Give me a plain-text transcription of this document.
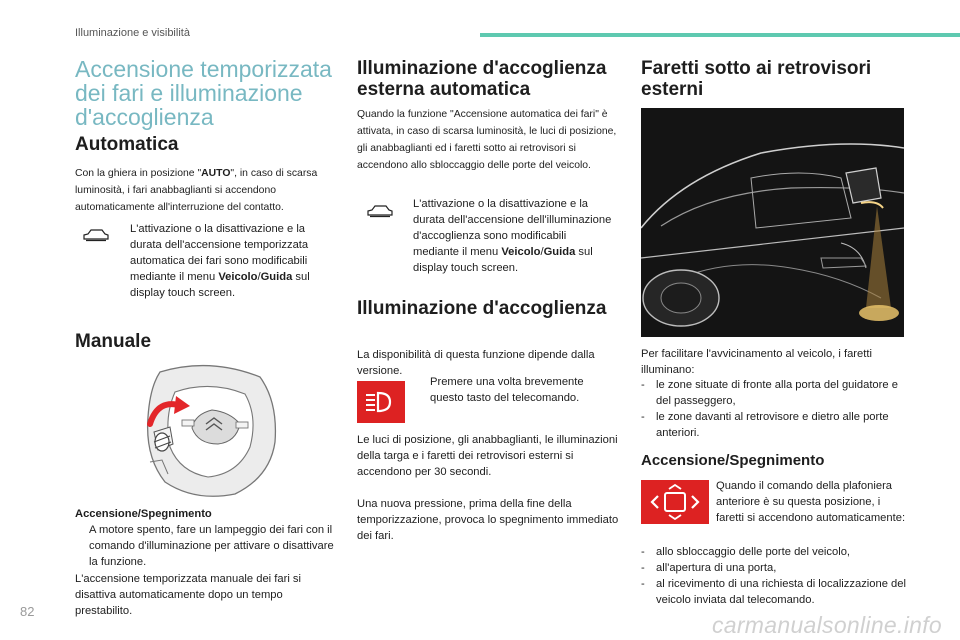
Illuminazione e visibilità
Accensione temporizzata
dei fari e illuminazione
d'accoglienza
Automatica
Con la ghiera in posizione "AUTO", in caso di scarsa luminosità, i fari anabbaglianti si accendono automaticamente all'interruzione del contatto.
L'attivazione o la disattivazione e la durata dell'accensione temporizzata automatica dei fari sono modificabili mediante il menu Veicolo/Guida sul display touch screen.
Manuale
Accensione/Spegnimento
A motore spento, fare un lampeggio dei fari con il comando d'illuminazione per attivare o disattivare la funzione.
L'accensione temporizzata manuale dei fari si disattiva automaticamente dopo un tempo prestabilito.
Illuminazione d'accoglienza
esterna automatica
Quando la funzione "Accensione automatica dei fari" è attivata, in caso di scarsa luminosità, le luci di posizione, gli anabbaglianti ed i faretti sotto ai retrovisori si accendono allo sbloccaggio delle porte del veicolo.
L'attivazione o la disattivazione e la durata dell'accensione dell'illuminazione d'accoglienza sono modificabili mediante il menu Veicolo/Guida sul display touch screen.
Illuminazione d'accoglienza
La disponibilità di questa funzione dipende dalla versione.
Premere una volta brevemente questo tasto del telecomando.
Le luci di posizione, gli anabbaglianti, le illuminazioni della targa e i faretti dei retrovisori esterni si accendono per 30 secondi.
Una nuova pressione, prima della fine della temporizzazione, provoca lo spegnimento immediato dei fari.
Faretti sotto ai retrovisori
esterni
Per facilitare l'avvicinamento al veicolo, i faretti illuminano:
-	le zone situate di fronte alla porta del guidatore e del passeggero,
-	le zone davanti al retrovisore e dietro alle porte anteriori.
Accensione/Spegnimento
Quando il comando della plafoniera anteriore è su questa posizione, i faretti si accendono automaticamente:
-	allo sbloccaggio delle porte del veicolo,
-	all'apertura di una porta,
-	al ricevimento di una richiesta di localizzazione del veicolo inviata dal telecomando.
82
carmanualsonline.info
